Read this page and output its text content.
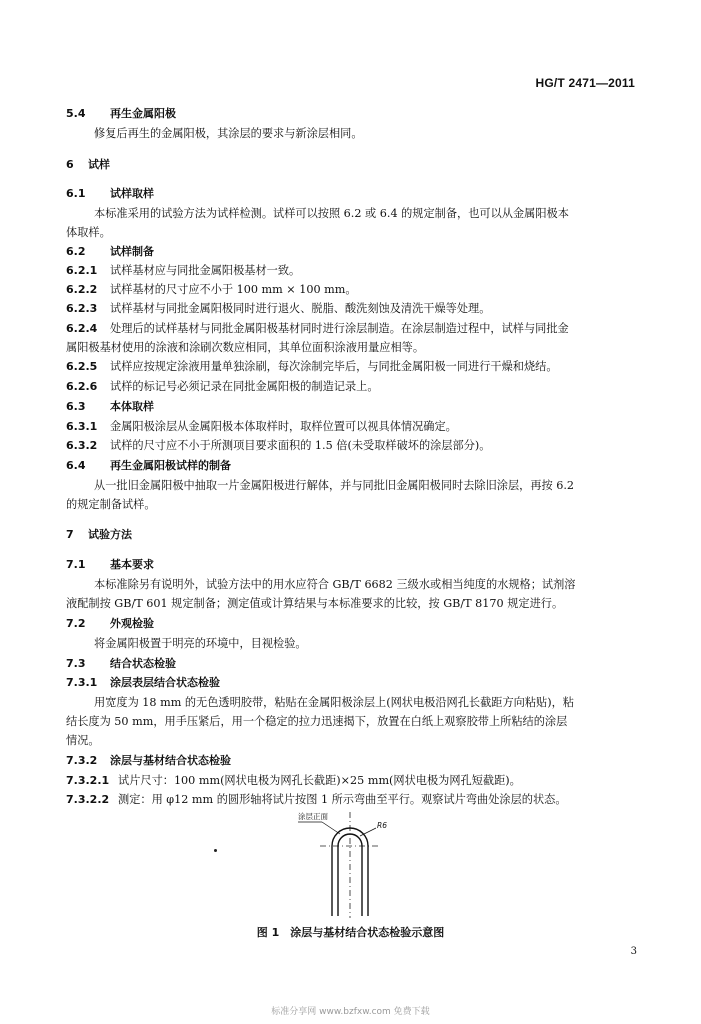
HG/T 2471—2011
5.4 再生金属阳极
修复后再生的金属阳极，其涂层的要求与新涂层相同。
6 试样
6.1 试样取样
本标准采用的试验方法为试样检测。试样可以按照 6.2 或 6.4 的规定制备，也可以从金属阳极本
体取样。
6.2 试样制备
6.2.1 试样基材应与同批金属阳极基材一致。
6.2.2 试样基材的尺寸应不小于 100 mm × 100 mm。
6.2.3 试样基材与同批金属阳极同时进行退火、脱脂、酸洗刻蚀及清洗干燥等处理。
6.2.4 处理后的试样基材与同批金属阳极基材同时进行涂层制造。在涂层制造过程中，试样与同批金
属阳极基材使用的涂液和涂刷次数应相同，其单位面积涂液用量应相等。
6.2.5 试样应按规定涂液用量单独涂刷，每次涂制完毕后，与同批金属阳极一同进行干燥和烧结。
6.2.6 试样的标记号必须记录在同批金属阳极的制造记录上。
6.3 本体取样
6.3.1 金属阳极涂层从金属阳极本体取样时，取样位置可以视具体情况确定。
6.3.2 试样的尺寸应不小于所测项目要求面积的 1.5 倍(未受取样破坏的涂层部分)。
6.4 再生金属阳极试样的制备
从一批旧金属阳极中抽取一片金属阳极进行解体，并与同批旧金属阳极同时去除旧涂层，再按 6.2
的规定制备试样。
7 试验方法
7.1 基本要求
本标准除另有说明外，试验方法中的用水应符合 GB/T 6682 三级水或相当纯度的水规格；试剂溶
液配制按 GB/T 601 规定制备；测定值或计算结果与本标准要求的比较，按 GB/T 8170 规定进行。
7.2 外观检验
将金属阳极置于明亮的环境中，目视检验。
7.3 结合状态检验
7.3.1 涂层表层结合状态检验
用宽度为 18 mm 的无色透明胶带，粘贴在金属阳极涂层上(网状电极沿网孔长截距方向粘贴)，粘
结长度为 50 mm，用手压紧后，用一个稳定的拉力迅速揭下，放置在白纸上观察胶带上所粘结的涂层
情况。
7.3.2 涂层与基材结合状态检验
7.3.2.1 试片尺寸：100 mm(网状电极为网孔长截距)×25 mm(网状电极为网孔短截距)。
7.3.2.2 测定：用 φ12 mm 的圆形轴将试片按图 1 所示弯曲至平行。观察试片弯曲处涂层的状态。
涂层正面
R6
图 1　涂层与基材结合状态检验示意图
3
标准分享网 www.bzfxw.com 免费下载
